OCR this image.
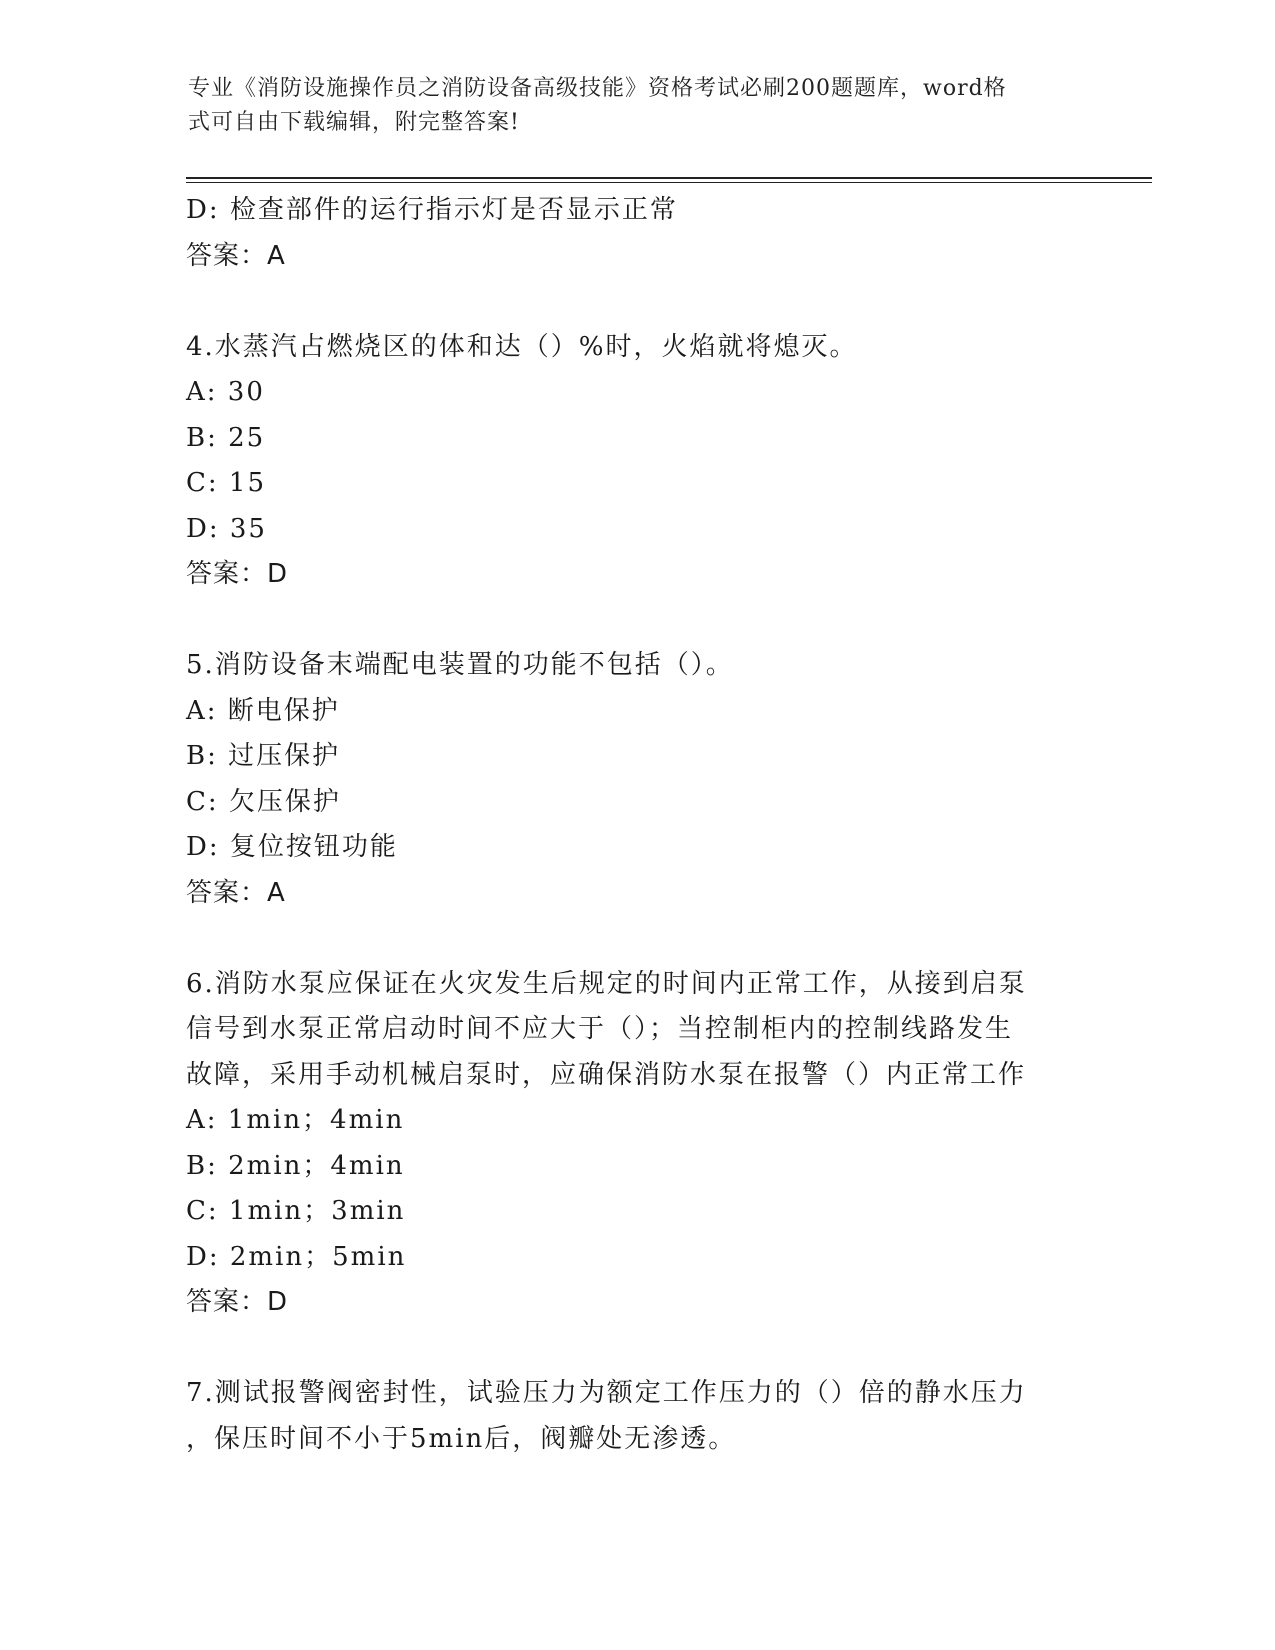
专业《消防设施操作员之消防设备高级技能》资格考试必刷200题题库，word格
式可自由下载编辑，附完整答案!
D: 检查部件的运行指示灯是否显示正常
答案：A
4.水蒸汽占燃烧区的体和达（）%时，火焰就将熄灭。
A: 30
B: 25
C: 15
D: 35
答案：D
5.消防设备末端配电装置的功能不包括（）。
A: 断电保护
B: 过压保护
C: 欠压保护
D: 复位按钮功能
答案：A
6.消防水泵应保证在火灾发生后规定的时间内正常工作，从接到启泵
信号到水泵正常启动时间不应大于（）；当控制柜内的控制线路发生
故障，采用手动机械启泵时，应确保消防水泵在报警（）内正常工作
A: 1min；4min
B: 2min；4min
C: 1min；3min
D: 2min；5min
答案：D
7.测试报警阀密封性，试验压力为额定工作压力的（）倍的静水压力
，保压时间不小于5min后，阀瓣处无渗透。
